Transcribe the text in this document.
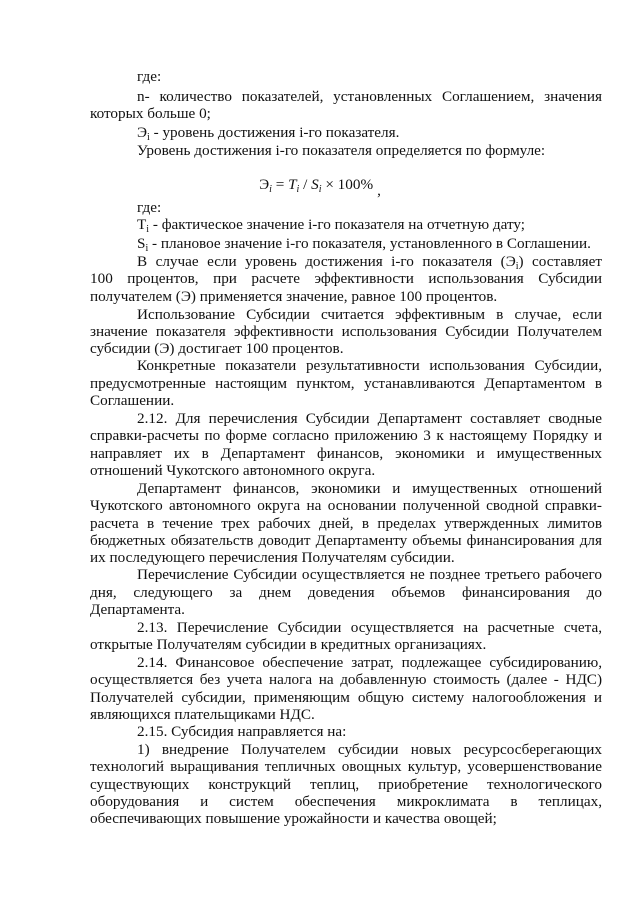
где:
n- количество показателей, установленных Соглашением, значения
которых больше 0;
$Э_i$ - уровень достижения i-го показателя.
Уровень достижения i-го показателя определяется по формуле:
$Э_i = T_i / S_i \times 100\%$ ,
где:
$T_i$ - фактическое значение i-го показателя на отчетную дату;
$S_i$ - плановое значение i-го показателя, установленного в Соглашении.
В случае если уровень достижения i-го показателя $(Э_i)$ составляет
100 процентов, при расчете эффективности использования Субсидии
получателем (Э) применяется значение, равное 100 процентов.
Использование Субсидии считается эффективным в случае, если
значение показателя эффективности использования Субсидии Получателем
субсидии (Э) достигает 100 процентов.
Конкретные показатели результативности использования Субсидии,
предусмотренные настоящим пунктом, устанавливаются Департаментом в
Соглашении.
2.12. Для перечисления Субсидии Департамент составляет сводные
справки-расчеты по форме согласно приложению 3 к настоящему Порядку и
направляет их в Департамент финансов, экономики и имущественных
отношений Чукотского автономного округа.
Департамент финансов, экономики и имущественных отношений
Чукотского автономного округа на основании полученной сводной справки-
расчета в течение трех рабочих дней, в пределах утвержденных лимитов
бюджетных обязательств доводит Департаменту объемы финансирования для
их последующего перечисления Получателям субсидии.
Перечисление Субсидии осуществляется не позднее третьего рабочего
дня, следующего за днем доведения объемов финансирования до
Департамента.
2.13. Перечисление Субсидии осуществляется на расчетные счета,
открытые Получателям субсидии в кредитных организациях.
2.14. Финансовое обеспечение затрат, подлежащее субсидированию,
осуществляется без учета налога на добавленную стоимость (далее - НДС)
Получателей субсидии, применяющим общую систему налогообложения и
являющихся плательщиками НДС.
2.15. Субсидия направляется на:
1) внедрение Получателем субсидии новых ресурсосберегающих
технологий выращивания тепличных овощных культур, усовершенствование
существующих конструкций теплиц, приобретение технологического
оборудования и систем обеспечения микроклимата в теплицах,
обеспечивающих повышение урожайности и качества овощей;
